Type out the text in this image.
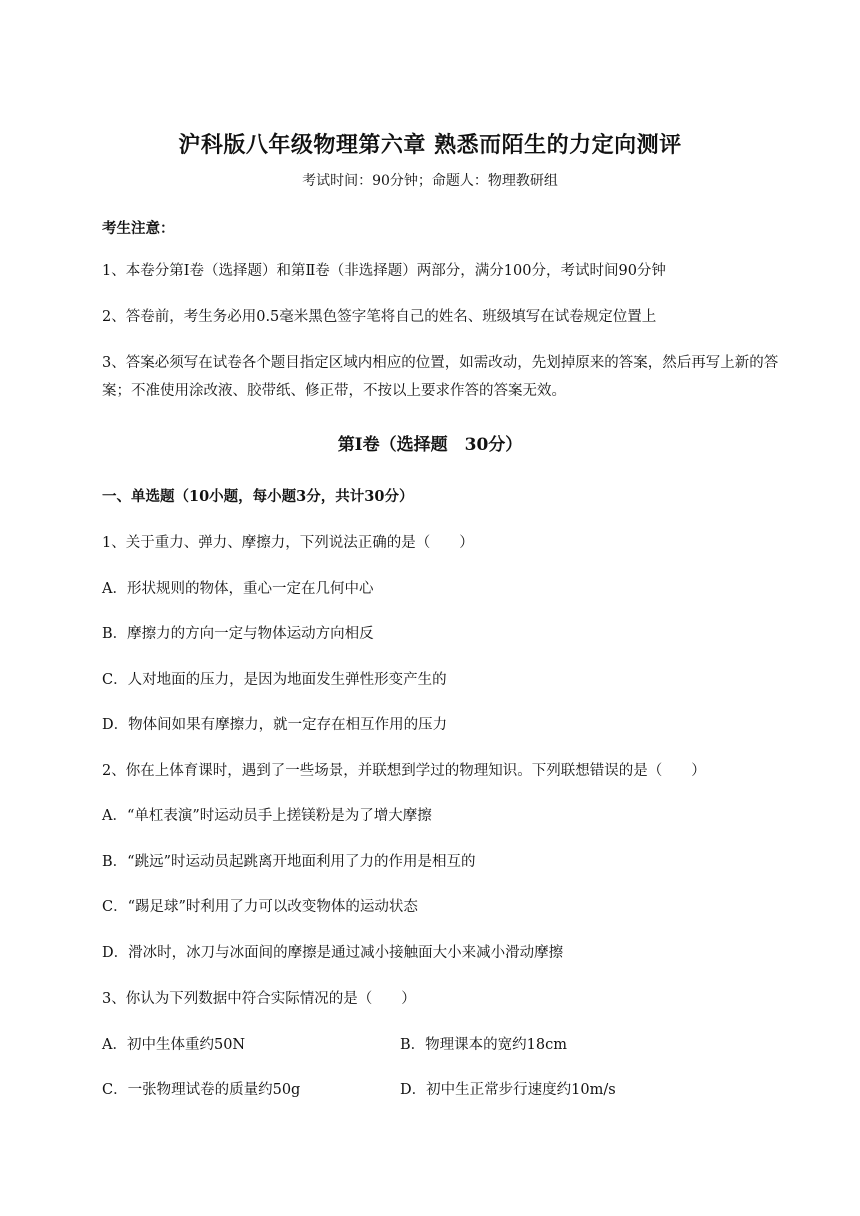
沪科版八年级物理第六章 熟悉而陌生的力定向测评
考试时间：90分钟；命题人：物理教研组
考生注意：
1、本卷分第Ⅰ卷（选择题）和第Ⅱ卷（非选择题）两部分，满分100分，考试时间90分钟
2、答卷前，考生务必用0.5毫米黑色签字笔将自己的姓名、班级填写在试卷规定位置上
3、答案必须写在试卷各个题目指定区域内相应的位置，如需改动，先划掉原来的答案，然后再写上新的答案；不准使用涂改液、胶带纸、修正带，不按以上要求作答的答案无效。
第Ⅰ卷（选择题　30分）
一、单选题（10小题，每小题3分，共计30分）
1、关于重力、弹力、摩擦力，下列说法正确的是（　　）
A．形状规则的物体，重心一定在几何中心
B．摩擦力的方向一定与物体运动方向相反
C．人对地面的压力，是因为地面发生弹性形变产生的
D．物体间如果有摩擦力，就一定存在相互作用的压力
2、你在上体育课时，遇到了一些场景，并联想到学过的物理知识。下列联想错误的是（　　）
A．“单杠表演”时运动员手上搓镁粉是为了增大摩擦
B．“跳远”时运动员起跳离开地面利用了力的作用是相互的
C．“踢足球”时利用了力可以改变物体的运动状态
D．滑冰时，冰刀与冰面间的摩擦是通过减小接触面大小来减小滑动摩擦
3、你认为下列数据中符合实际情况的是（　　）
A．初中生体重约50N	B．物理课本的宽约18cm
C．一张物理试卷的质量约50g	D．初中生正常步行速度约10m/s
